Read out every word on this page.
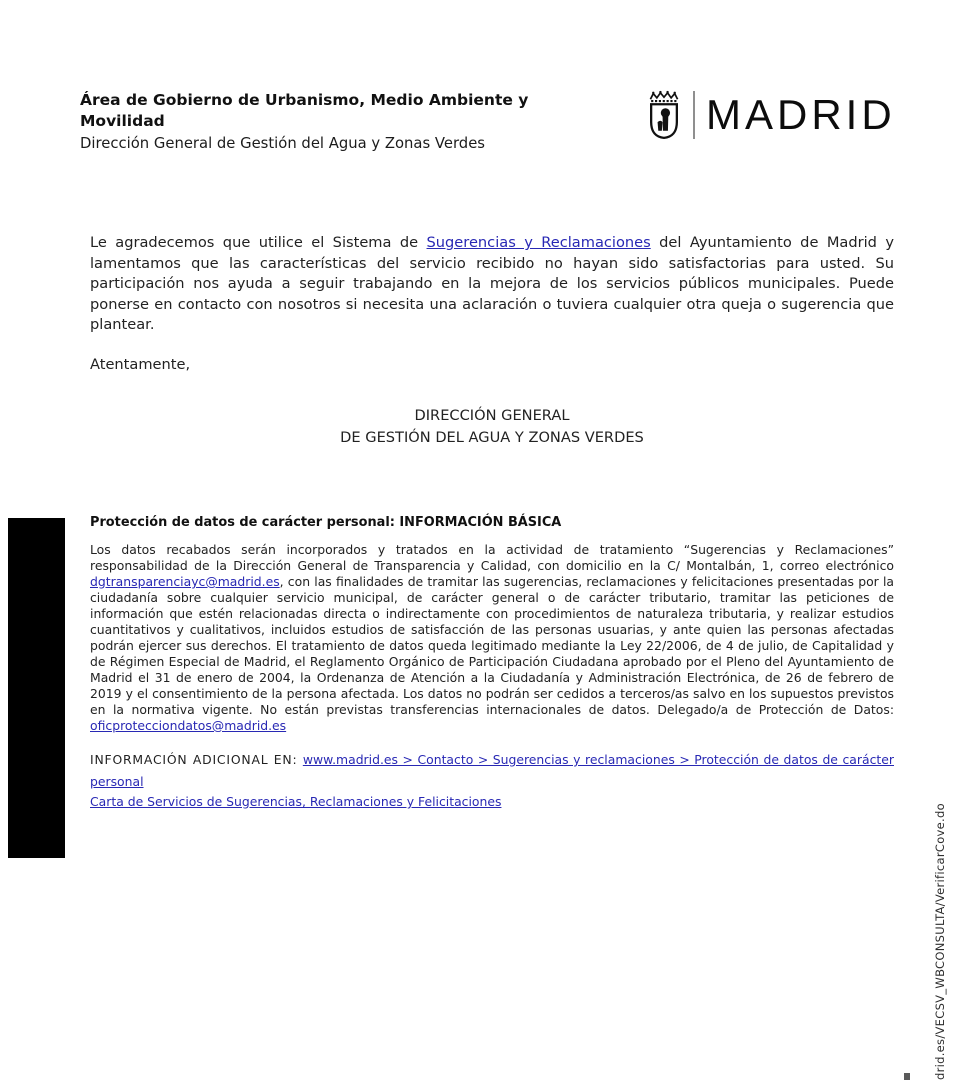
Área de Gobierno de Urbanismo, Medio Ambiente y Movilidad
Dirección General de Gestión del Agua y Zonas Verdes
MADRID

Le agradecemos que utilice el Sistema de Sugerencias y Reclamaciones del Ayuntamiento de Madrid y lamentamos que las características del servicio recibido no hayan sido satisfactorias para usted. Su participación nos ayuda a seguir trabajando en la mejora de los servicios públicos municipales. Puede ponerse en contacto con nosotros si necesita una aclaración o tuviera cualquier otra queja o sugerencia que plantear.

Atentamente,
DIRECCIÓN GENERAL
DE GESTIÓN DEL AGUA Y ZONAS VERDES
Protección de datos de carácter personal: INFORMACIÓN BÁSICA

Los datos recabados serán incorporados y tratados en la actividad de tratamiento “Sugerencias y Reclamaciones” responsabilidad de la Dirección General de Transparencia y Calidad, con domicilio en la C/ Montalbán, 1, correo electrónico dgtransparenciayc@madrid.es, con las finalidades de tramitar las sugerencias, reclamaciones y felicitaciones presentadas por la ciudadanía sobre cualquier servicio municipal, de carácter general o de carácter tributario, tramitar las peticiones de información que estén relacionadas directa o indirectamente con procedimientos de naturaleza tributaria, y realizar estudios cuantitativos y cualitativos, incluidos estudios de satisfacción de las personas usuarias, y ante quien las personas afectadas podrán ejercer sus derechos. El tratamiento de datos queda legitimado mediante la Ley 22/2006, de 4 de julio, de Capitalidad y de Régimen Especial de Madrid, el Reglamento Orgánico de Participación Ciudadana aprobado por el Pleno del Ayuntamiento de Madrid el 31 de enero de 2004, la Ordenanza de Atención a la Ciudadanía y Administración Electrónica, de 26 de febrero de 2019 y el consentimiento de la persona afectada. Los datos no podrán ser cedidos a terceros/as salvo en los supuestos previstos en la normativa vigente. No están previstas transferencias internacionales de datos. Delegado/a de Protección de Datos: oficprotecciondatos@madrid.es

INFORMACIÓN ADICIONAL EN: www.madrid.es > Contacto > Sugerencias y reclamaciones > Protección de datos de carácter personal

Carta de Servicios de Sugerencias, Reclamaciones y Felicitaciones

drid.es/VECSV_WBCONSULTA/VerificarCove.do
